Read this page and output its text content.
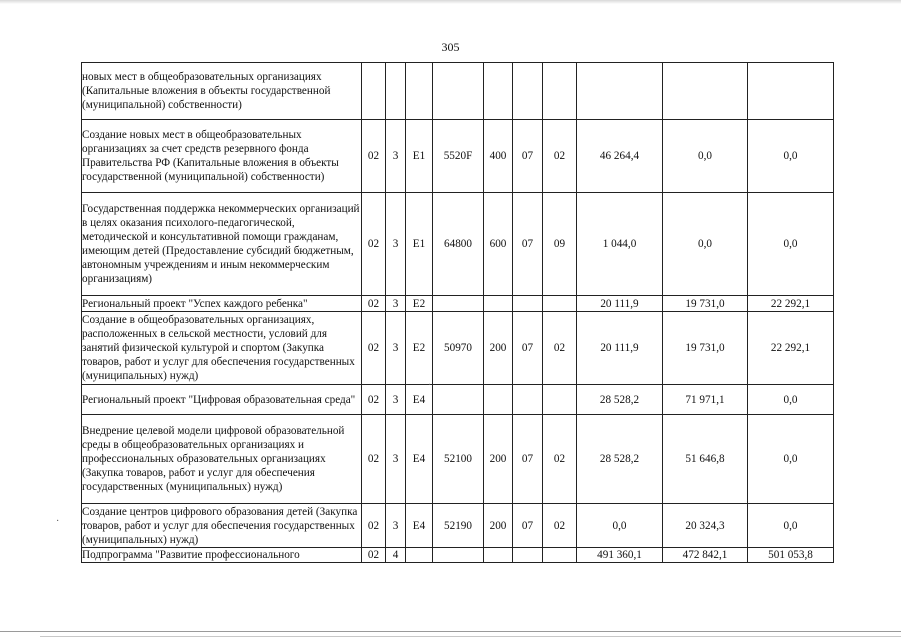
305
новых мест в общеобразовательных организациях (Капитальные вложения в объекты государственной (муниципальной) собственности)										
Создание новых мест в общеобразовательных организациях за счет средств резервного фонда Правительства РФ (Капитальные вложения в объекты государственной (муниципальной) собственности)	02	3	E1	5520F	400	07	02	46 264,4	0,0	0,0
Государственная поддержка некоммерческих организаций в целях оказания психолого-педагогической, методической и консультативной помощи гражданам, имеющим детей (Предоставление субсидий бюджетным, автономным учреждениям и иным некоммерческим организациям)	02	3	E1	64800	600	07	09	1 044,0	0,0	0,0
Региональный проект "Успех каждого ребенка"	02	3	E2					20 111,9	19 731,0	22 292,1
Создание в общеобразовательных организациях, расположенных в сельской местности, условий для занятий физической культурой и спортом (Закупка товаров, работ и услуг для обеспечения государственных (муниципальных) нужд)	02	3	E2	50970	200	07	02	20 111,9	19 731,0	22 292,1
Региональный проект "Цифровая образовательная среда"	02	3	E4					28 528,2	71 971,1	0,0
Внедрение целевой модели цифровой образовательной среды в общеобразовательных организациях и профессиональных образовательных организациях (Закупка товаров, работ и услуг для обеспечения государственных (муниципальных) нужд)	02	3	E4	52100	200	07	02	28 528,2	51 646,8	0,0
Создание центров цифрового образования детей (Закупка товаров, работ и услуг для обеспечения государственных (муниципальных) нужд)	02	3	E4	52190	200	07	02	0,0	20 324,3	0,0
Подпрограмма "Развитие профессионального	02	4						491 360,1	472 842,1	501 053,8
·
·
